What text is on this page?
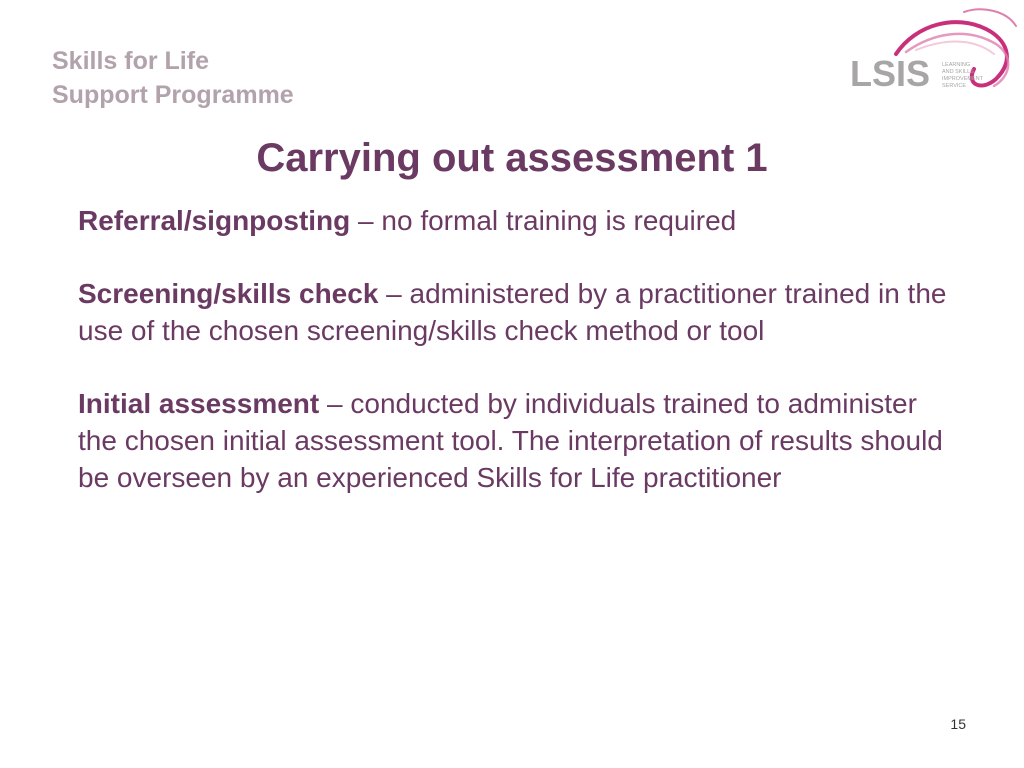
Skills for Life
Support Programme
LSIS LEARNING
AND SKILLS
IMPROVEMENT
SERVICE
Carrying out assessment 1

Referral/signposting – no formal training is required

Screening/skills check – administered by a practitioner trained in the use of the chosen screening/skills check method or tool

Initial assessment – conducted by individuals trained to administer the chosen initial assessment tool. The interpretation of results should be overseen by an experienced Skills for Life practitioner

15
